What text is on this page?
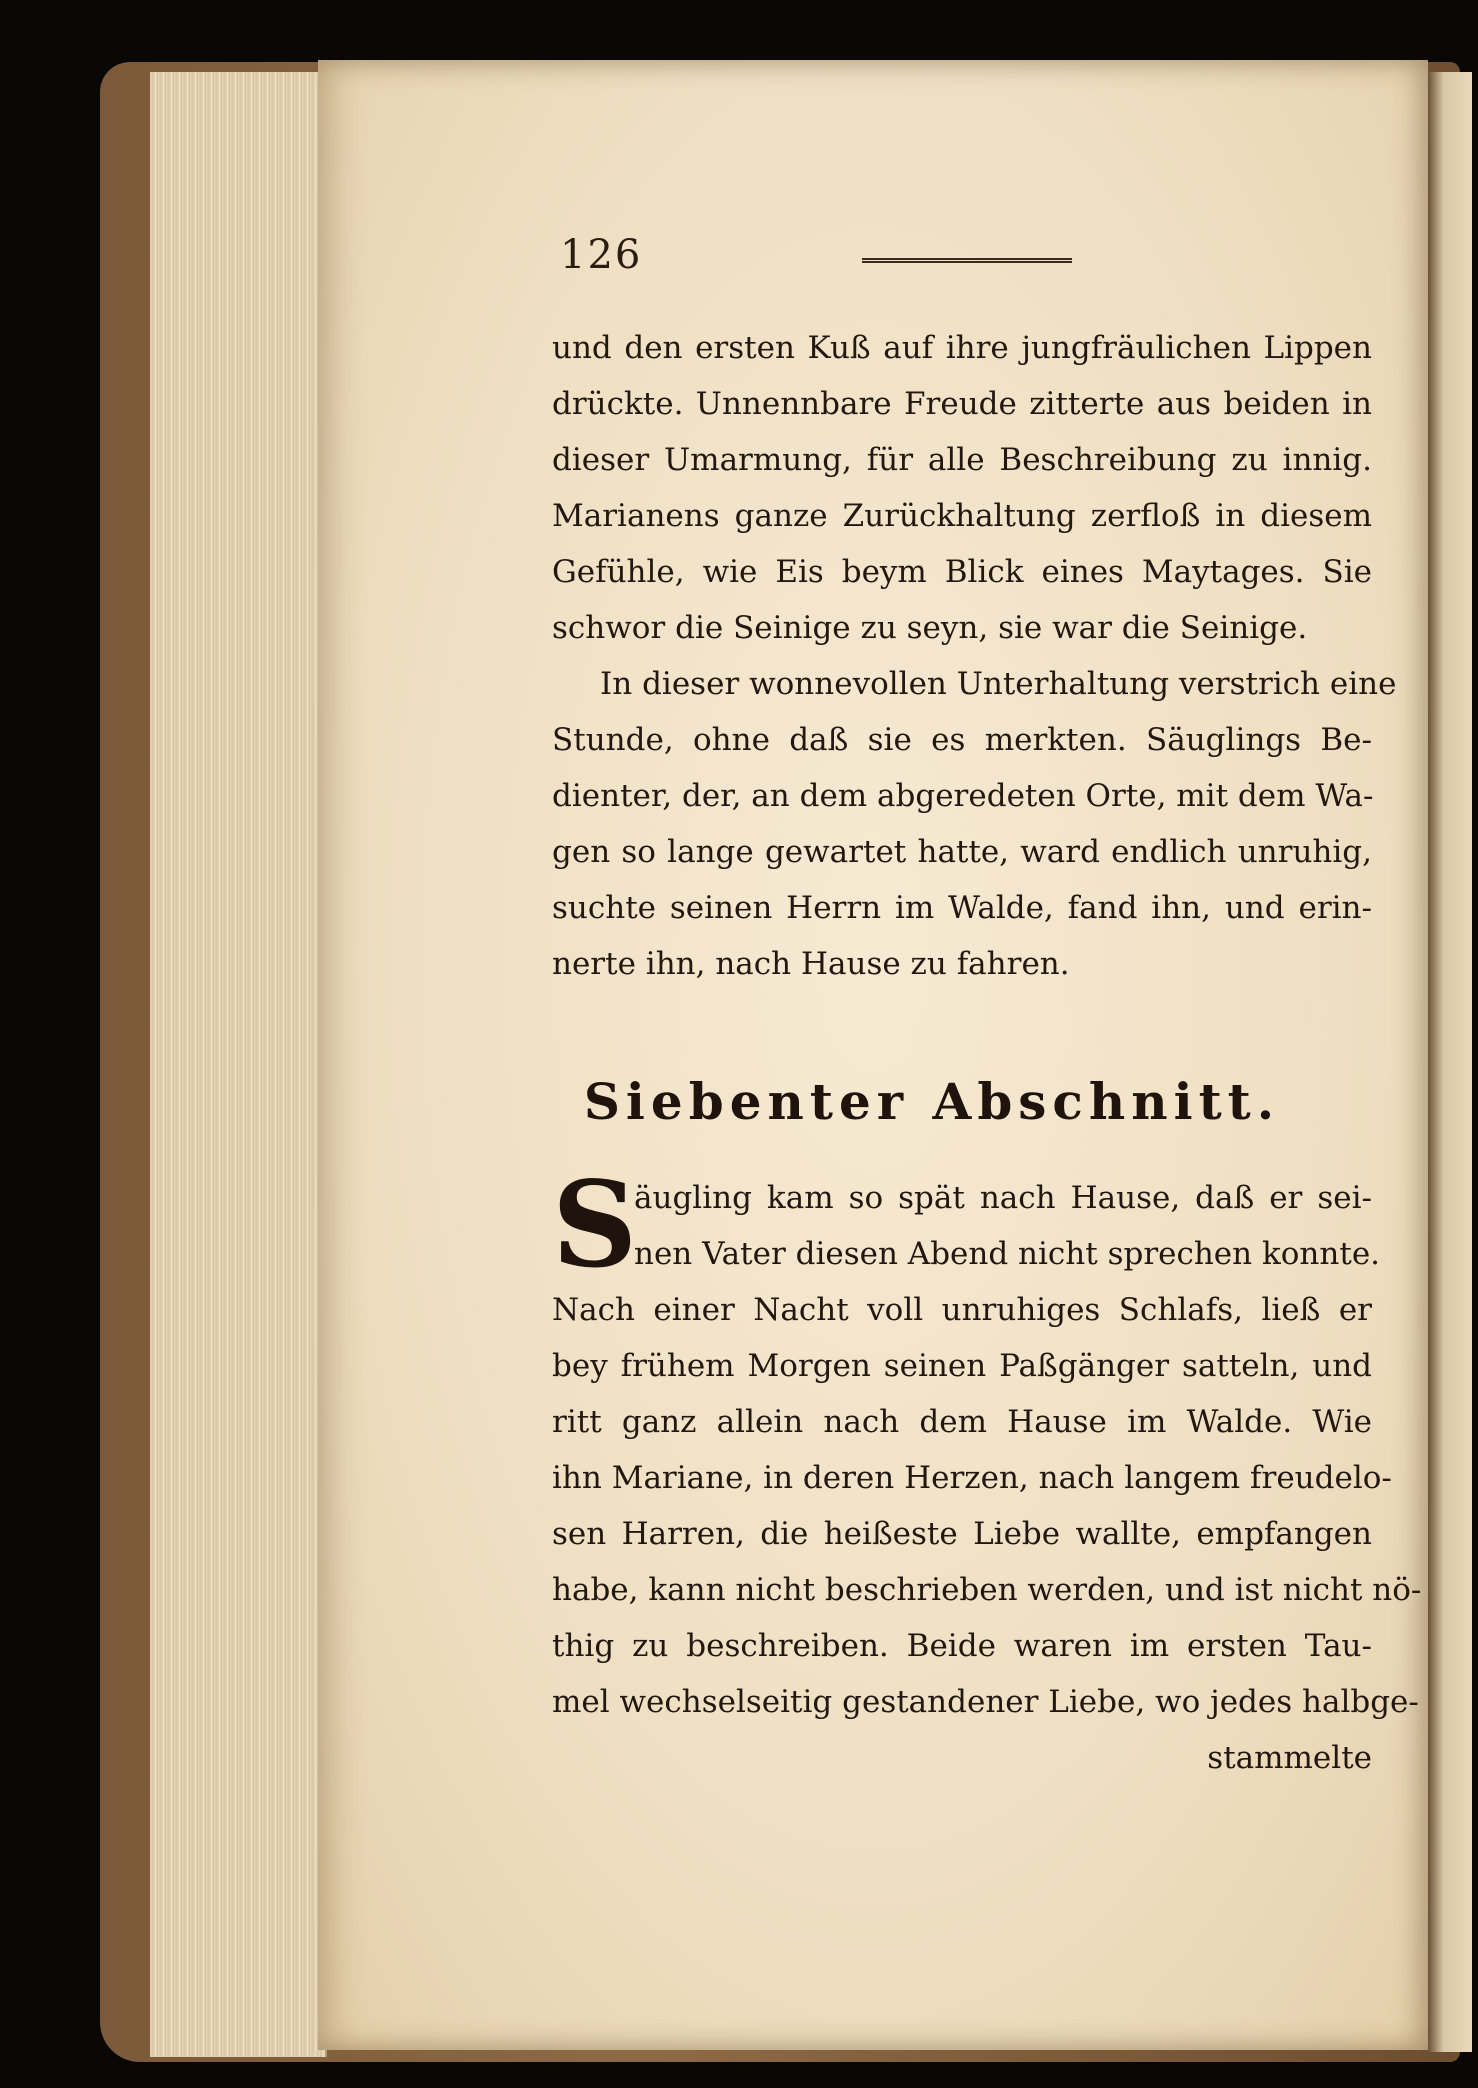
126
und den ersten Kuß auf ihre jungfräulichen Lippen
drückte. Unnennbare Freude zitterte aus beiden in
dieser Umarmung, für alle Beschreibung zu innig.
Marianens ganze Zurückhaltung zerfloß in diesem
Gefühle, wie Eis beym Blick eines Maytages. Sie
schwor die Seinige zu seyn, sie war die Seinige.
In dieser wonnevollen Unterhaltung verstrich eine
Stunde, ohne daß sie es merkten. Säuglings Be-
dienter, der, an dem abgeredeten Orte, mit dem Wa-
gen so lange gewartet hatte, ward endlich unruhig,
suchte seinen Herrn im Walde, fand ihn, und erin-
nerte ihn, nach Hause zu fahren.
Siebenter Abschnitt.
S
äugling kam so spät nach Hause, daß er sei-
nen Vater diesen Abend nicht sprechen konnte.
Nach einer Nacht voll unruhiges Schlafs, ließ er
bey frühem Morgen seinen Paßgänger satteln, und
ritt ganz allein nach dem Hause im Walde. Wie
ihn Mariane, in deren Herzen, nach langem freudelo-
sen Harren, die heißeste Liebe wallte, empfangen
habe, kann nicht beschrieben werden, und ist nicht nö-
thig zu beschreiben. Beide waren im ersten Tau-
mel wechselseitig gestandener Liebe, wo jedes halbge-
stammelte
